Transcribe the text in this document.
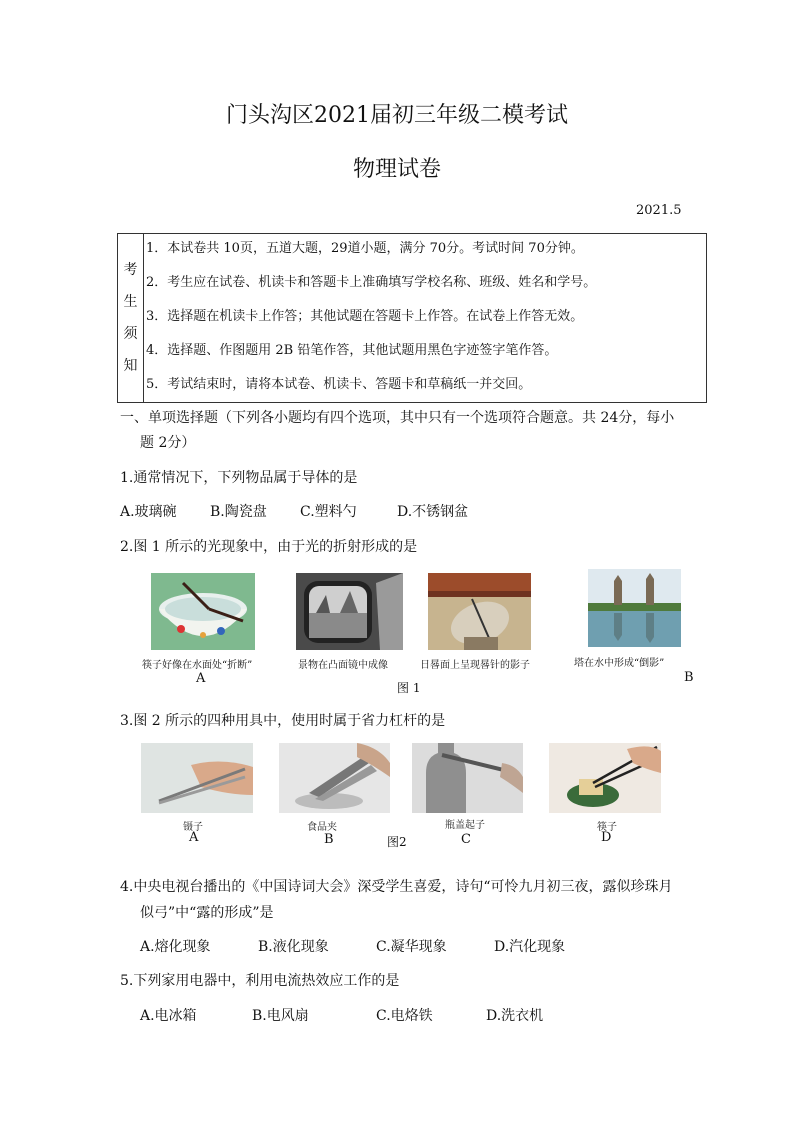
门头沟区2021届初三年级二模考试
物理试卷
2021.5
考
生
须
知
1．本试卷共 10页，五道大题，29道小题，满分 70分。考试时间 70分钟。
2．考生应在试卷、机读卡和答题卡上准确填写学校名称、班级、姓名和学号。
3．选择题在机读卡上作答；其他试题在答题卡上作答。在试卷上作答无效。
4．选择题、作图题用 2B 铅笔作答，其他试题用黑色字迹签字笔作答。
5．考试结束时，请将本试卷、机读卡、答题卡和草稿纸一并交回。
一、单项选择题（下列各小题均有四个选项，其中只有一个选项符合题意。共 24分，每小
题 2分）
1.通常情况下，下列物品属于导体的是
A.玻璃碗 B.陶瓷盘 C.塑料勺	D.不锈钢盆
2.图 1 所示的光现象中，由于光的折射形成的是
筷子好像在水面处“折断”	景物在凸面镜中成像	日晷面上呈现晷针的影子	塔在水中形成“倒影”
A	B
图 1
3.图 2 所示的四种用具中，使用时属于省力杠杆的是
镊子	食品夹	瓶盖起子	筷子
A	B	C	D
图2
4.中央电视台播出的《中国诗词大会》深受学生喜爱，诗句“可怜九月初三夜，露似珍珠月
似弓”中“露的形成”是
A.熔化现象	B.液化现象	C.凝华现象	D.汽化现象
5.下列家用电器中，利用电流热效应工作的是
A.电冰箱	B.电风扇	C.电烙铁	D.洗衣机
